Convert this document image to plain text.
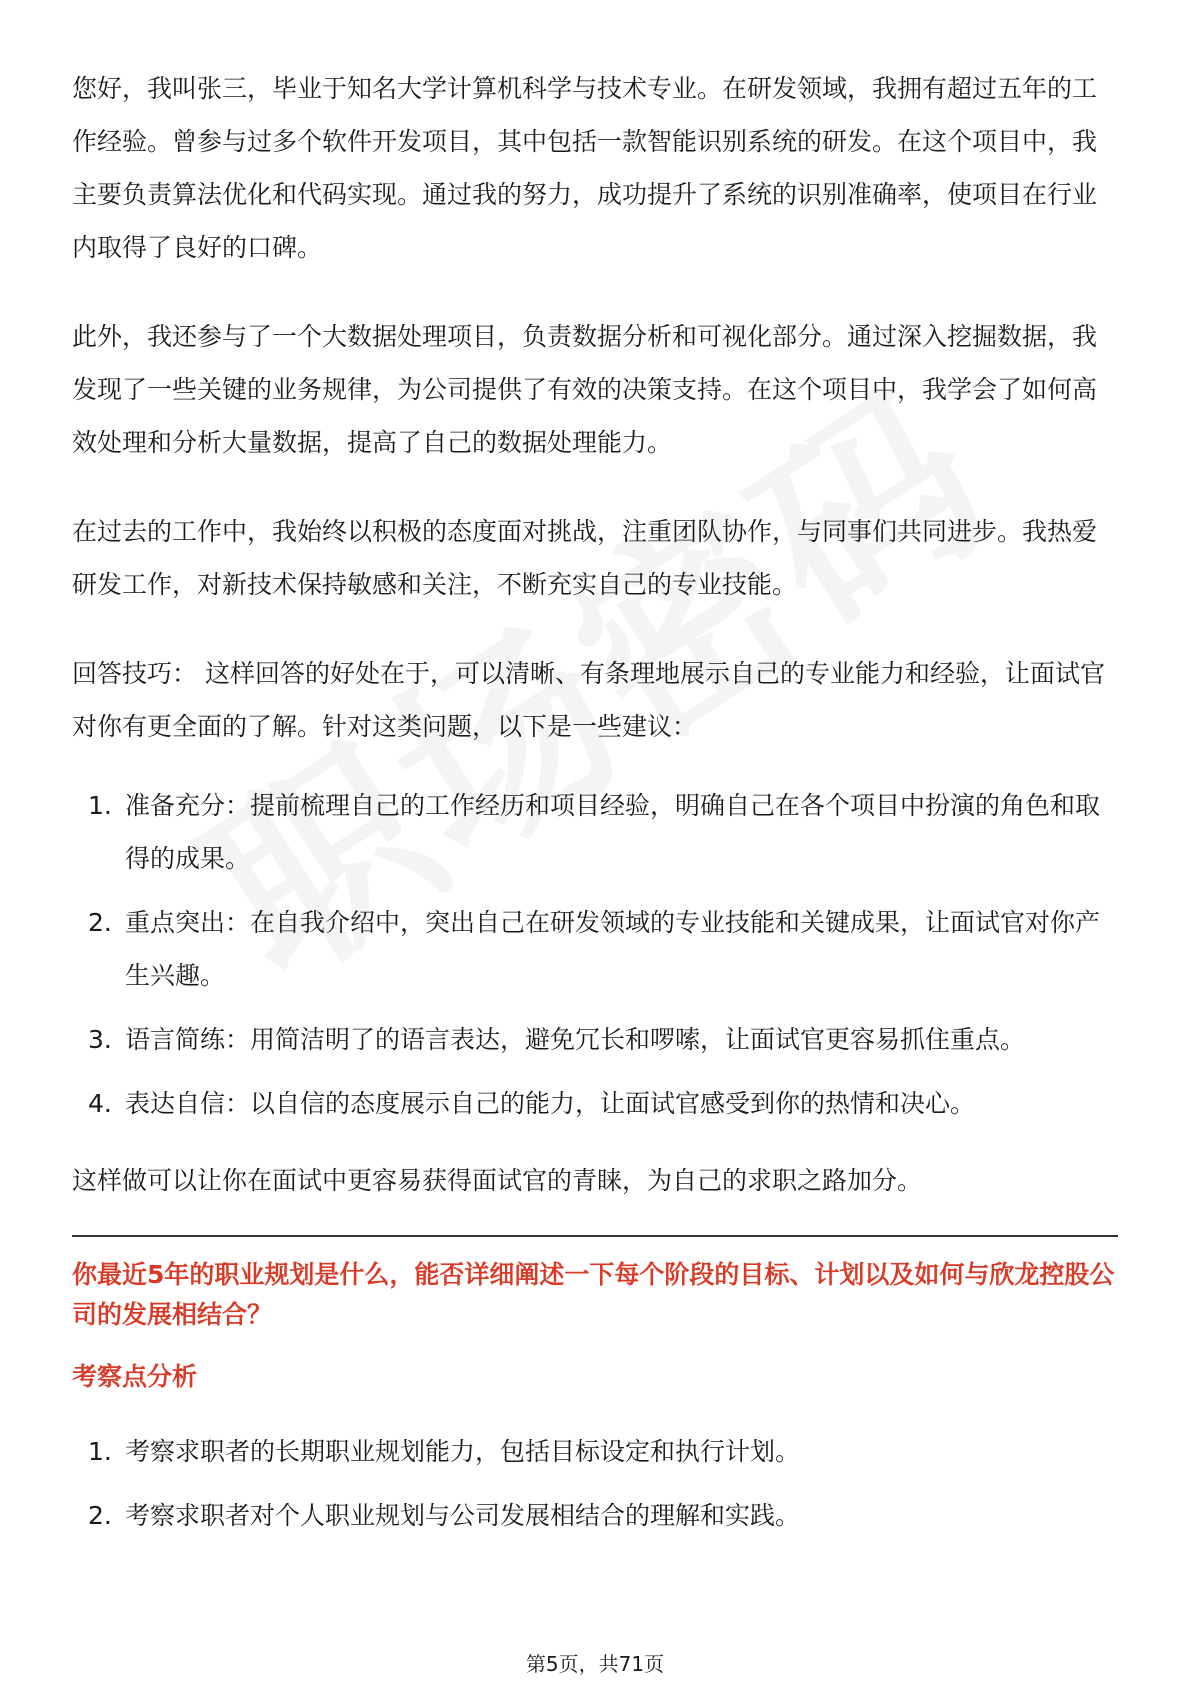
您好，我叫张三，毕业于知名大学计算机科学与技术专业。在研发领域，我拥有超过五年的工作经验。曾参与过多个软件开发项目，其中包括一款智能识别系统的研发。在这个项目中，我主要负责算法优化和代码实现。通过我的努力，成功提升了系统的识别准确率，使项目在行业内取得了良好的口碑。

此外，我还参与了一个大数据处理项目，负责数据分析和可视化部分。通过深入挖掘数据，我发现了一些关键的业务规律，为公司提供了有效的决策支持。在这个项目中，我学会了如何高效处理和分析大量数据，提高了自己的数据处理能力。

在过去的工作中，我始终以积极的态度面对挑战，注重团队协作，与同事们共同进步。我热爱研发工作，对新技术保持敏感和关注，不断充实自己的专业技能。

回答技巧： 这样回答的好处在于，可以清晰、有条理地展示自己的专业能力和经验，让面试官对你有更全面的了解。针对这类问题，以下是一些建议：

1. 准备充分：提前梳理自己的工作经历和项目经验，明确自己在各个项目中扮演的角色和取得的成果。
2. 重点突出：在自我介绍中，突出自己在研发领域的专业技能和关键成果，让面试官对你产生兴趣。
3. 语言简练：用简洁明了的语言表达，避免冗长和啰嗦，让面试官更容易抓住重点。
4. 表达自信：以自信的态度展示自己的能力，让面试官感受到你的热情和决心。

这样做可以让你在面试中更容易获得面试官的青睐，为自己的求职之路加分。

你最近5年的职业规划是什么，能否详细阐述一下每个阶段的目标、计划以及如何与欣龙控股公司的发展相结合？
考察点分析
1. 考察求职者的长期职业规划能力，包括目标设定和执行计划。
2. 考察求职者对个人职业规划与公司发展相结合的理解和实践。
第5页，共71页
